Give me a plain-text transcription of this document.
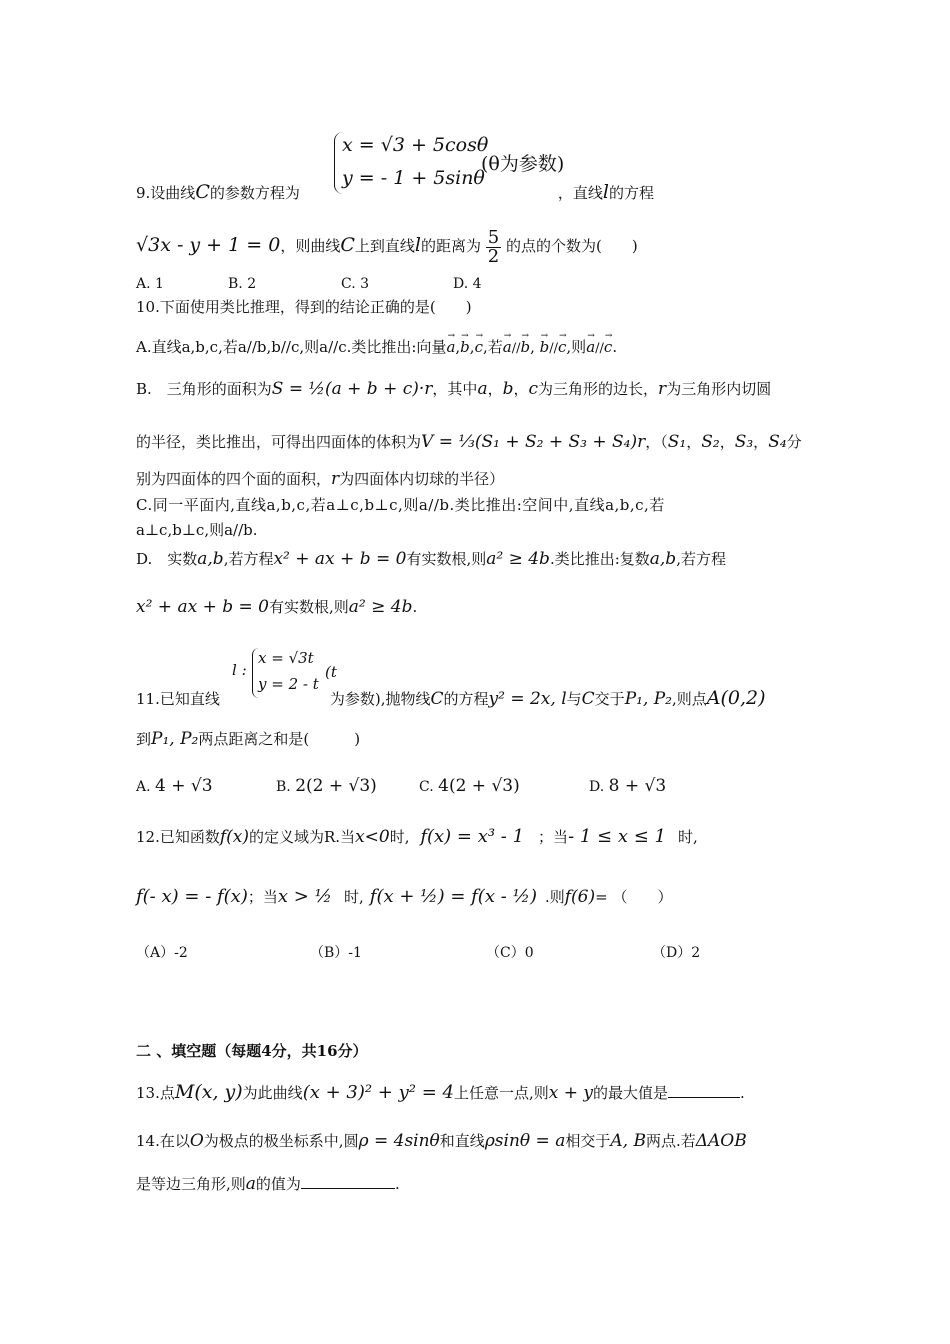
x = √3 + 5cosθ
y = - 1 + 5sinθ
(θ为参数)
9.设曲线C的参数方程为	，直线l的方程
√3x - y + 1 = 0，则曲线C上到直线l的距离为 $\frac{5}{2}$ 的点的个数为(　　)
A. 1	B. 2	C. 3	D. 4
10.下面使用类比推理，得到的结论正确的是(　　)
A.直线a,b,c,若a//b,b//c,则a//c.类比推出:向量→ a,→ b,→ c,若→ a//→ b, → b//→ c,则→ a//→ c.
B.　三角形的面积为S = ½(a + b + c)·r，其中a，b，c为三角形的边长，r为三角形内切圆
的半径，类比推出，可得出四面体的体积为V = ⅓(S₁ + S₂ + S₃ + S₄)r，（S₁，S₂，S₃，S₄分
别为四面体的四个面的面积，r为四面体内切球的半径）
C.同一平面内,直线a,b,c,若a⊥c,b⊥c,则a//b.类比推出:空间中,直线a,b,c,若
a⊥c,b⊥c,则a//b.
D.　实数a,b,若方程x² + ax + b = 0有实数根,则a² ≥ 4b.类比推出:复数a,b,若方程
x² + ax + b = 0有实数根,则a² ≥ 4b.
l :
x = √3t
y = 2 - t
(t
11.已知直线	为参数),抛物线C的方程y² = 2x, l与C交于P₁, P₂,则点A(0,2)
到P₁, P₂两点距离之和是(　　　)
A. 4 + √3	B. 2(2 + √3)	C. 4(2 + √3)	D. 8 + √3
12.已知函数f(x)的定义域为R.当x<0时, f(x) = x³ - 1 ；当- 1 ≤ x ≤ 1 时,
f(- x) = - f(x)；当x > ½ 时, f(x + ½) = f(x - ½) .则f(6)= （　　）
（A）-2	（B）-1	（C）0	（D）2
二 、填空题（每题4分，共16分）
13.点M(x, y)为此曲线(x + 3)² + y² = 4上任意一点,则x + y的最大值是	.
14.在以O为极点的极坐标系中,圆ρ = 4sinθ和直线ρsinθ = a相交于A, B两点.若ΔAOB
是等边三角形,则a的值为	.
